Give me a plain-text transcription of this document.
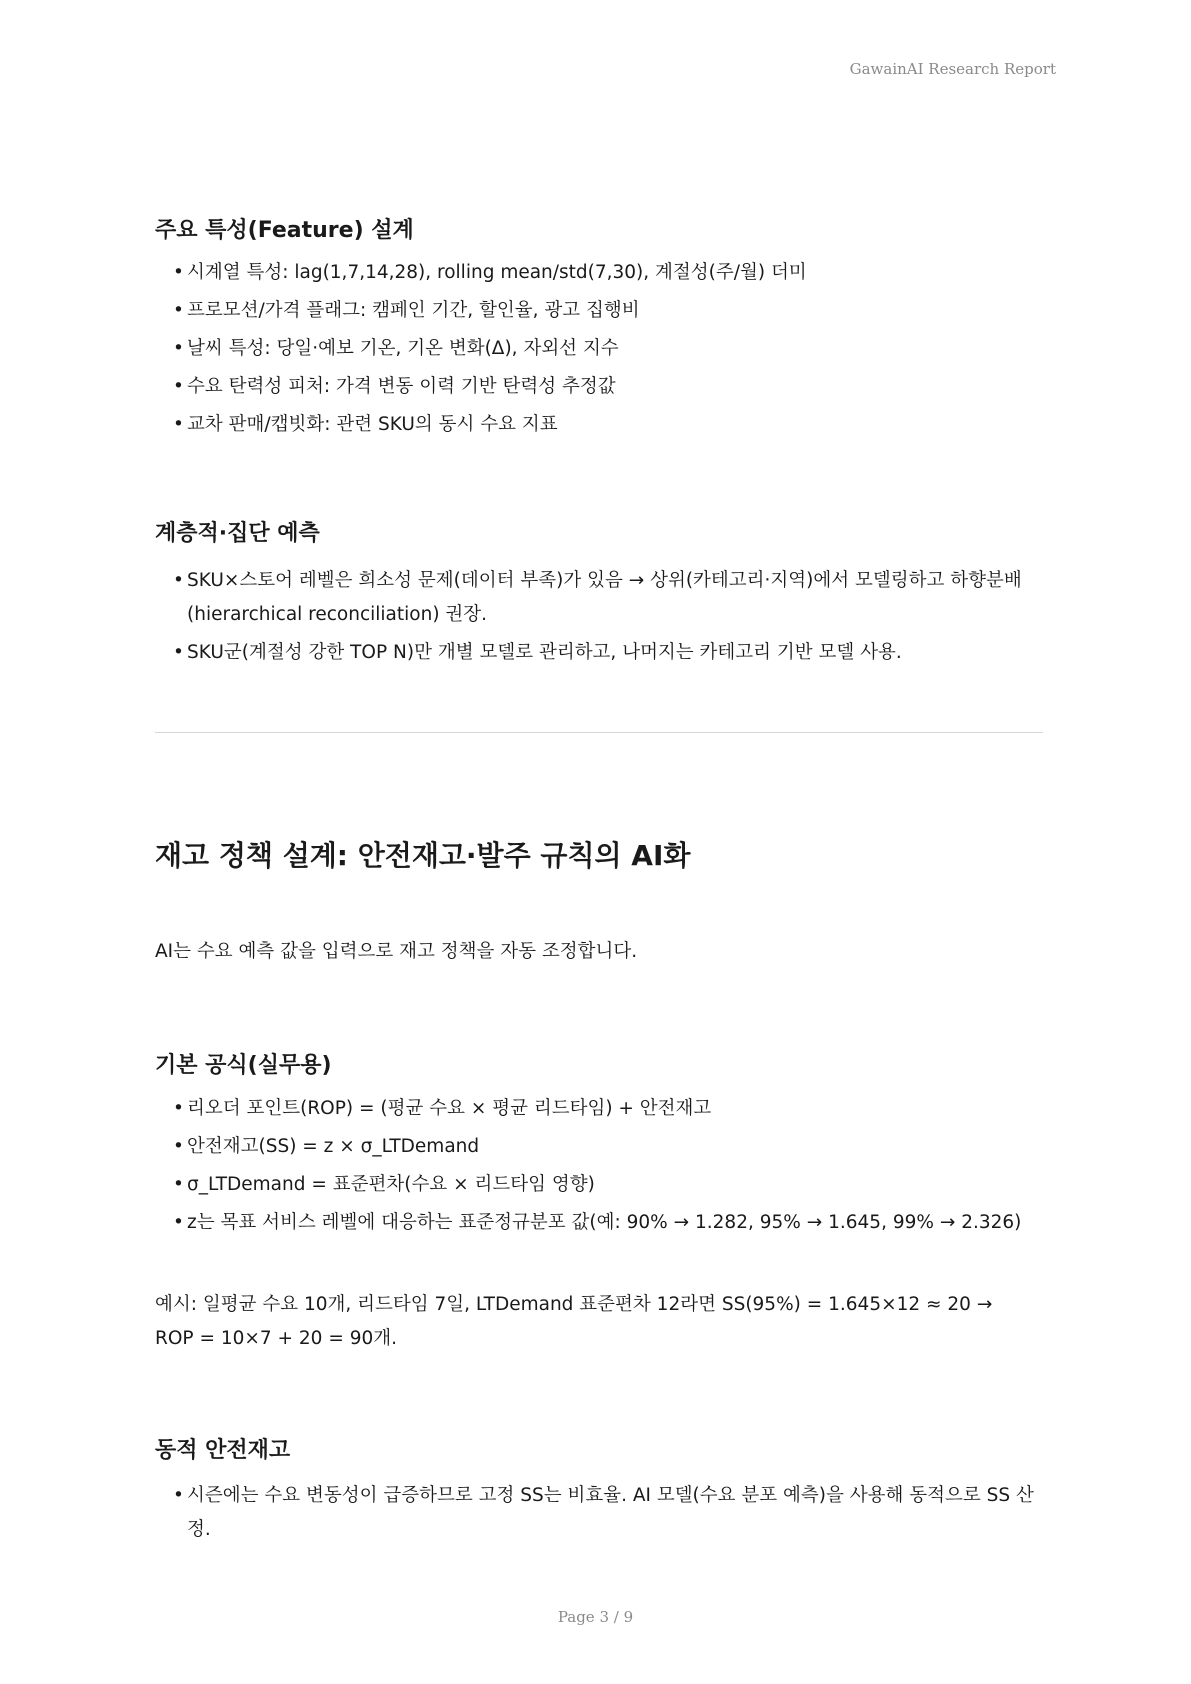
GawainAI Research Report
주요 특성(Feature) 설계
• 시계열 특성: lag(1,7,14,28), rolling mean/std(7,30), 계절성(주/월) 더미
• 프로모션/가격 플래그: 캠페인 기간, 할인율, 광고 집행비
• 날씨 특성: 당일·예보 기온, 기온 변화(Δ), 자외선 지수
• 수요 탄력성 피처: 가격 변동 이력 기반 탄력성 추정값
• 교차 판매/캡빗화: 관련 SKU의 동시 수요 지표
계층적·집단 예측
• SKU×스토어 레벨은 희소성 문제(데이터 부족)가 있음 → 상위(카테고리·지역)에서 모델링하고 하향분배(hierarchical reconciliation) 권장.
• SKU군(계절성 강한 TOP N)만 개별 모델로 관리하고, 나머지는 카테고리 기반 모델 사용.
재고 정책 설계: 안전재고·발주 규칙의 AI화

AI는 수요 예측 값을 입력으로 재고 정책을 자동 조정합니다.

기본 공식(실무용)
• 리오더 포인트(ROP) = (평균 수요 × 평균 리드타임) + 안전재고
• 안전재고(SS) = z × σ_LTDemand
• σ_LTDemand = 표준편차(수요 × 리드타임 영향)
• z는 목표 서비스 레벨에 대응하는 표준정규분포 값(예: 90% → 1.282, 95% → 1.645, 99% → 2.326)

예시: 일평균 수요 10개, 리드타임 7일, LTDemand 표준편차 12라면 SS(95%) = 1.645×12 ≈ 20 → ROP = 10×7 + 20 = 90개.

동적 안전재고
• 시즌에는 수요 변동성이 급증하므로 고정 SS는 비효율. AI 모델(수요 분포 예측)을 사용해 동적으로 SS 산정.
Page 3 / 9
